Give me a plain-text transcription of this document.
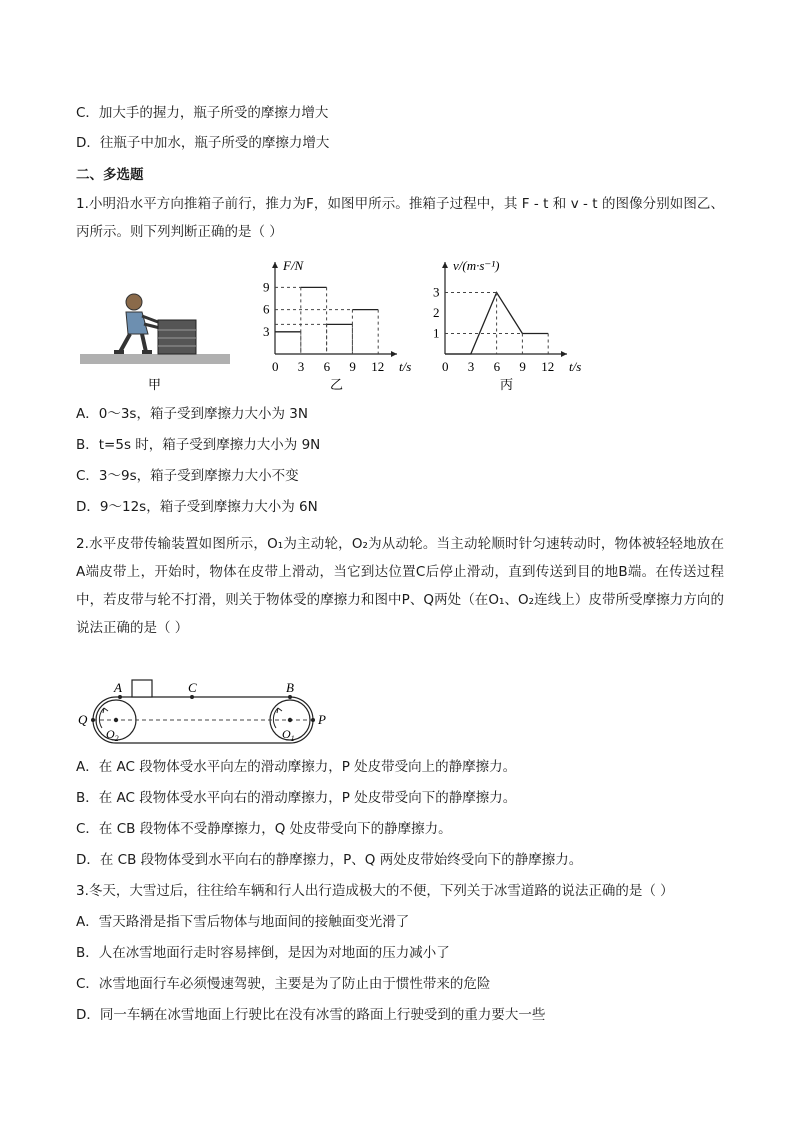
C．加大手的握力，瓶子所受的摩擦力增大
D．往瓶子中加水，瓶子所受的摩擦力增大
二、多选题
1.小明沿水平方向推箱子前行，推力为F，如图甲所示。推箱子过程中，其 F - t 和 v - t 的图像分别如图乙、丙所示。则下列判断正确的是（ ）
甲
F/N
t/s
0 3 6 9 12
3
6
9
乙
v/(m·s⁻¹)
t/s
0 3 6 9 12
1
2
3
丙
A．0～3s，箱子受到摩擦力大小为 3N
B．t=5s 时，箱子受到摩擦力大小为 9N
C．3～9s，箱子受到摩擦力大小不变
D．9～12s，箱子受到摩擦力大小为 6N
2.水平皮带传输装置如图所示，O₁为主动轮，O₂为从动轮。当主动轮顺时针匀速转动时，物体被轻轻地放在A端皮带上，开始时，物体在皮带上滑动，当它到达位置C后停止滑动，直到传送到目的地B端。在传送过程中，若皮带与轮不打滑，则关于物体受的摩擦力和图中P、Q两处（在O₁、O₂连线上）皮带所受摩擦力方向的说法正确的是（ ）
A	C	B
Q	P
$O_2$	$O_1$
A．在 AC 段物体受水平向左的滑动摩擦力，P 处皮带受向上的静摩擦力。
B．在 AC 段物体受水平向右的滑动摩擦力，P 处皮带受向下的静摩擦力。
C．在 CB 段物体不受静摩擦力，Q 处皮带受向下的静摩擦力。
D．在 CB 段物体受到水平向右的静摩擦力，P、Q 两处皮带始终受向下的静摩擦力。
3.冬天，大雪过后，往往给车辆和行人出行造成极大的不便，下列关于冰雪道路的说法正确的是（ ）
A．雪天路滑是指下雪后物体与地面间的接触面变光滑了
B．人在冰雪地面行走时容易摔倒，是因为对地面的压力减小了
C．冰雪地面行车必须慢速驾驶，主要是为了防止由于惯性带来的危险
D．同一车辆在冰雪地面上行驶比在没有冰雪的路面上行驶受到的重力要大一些
